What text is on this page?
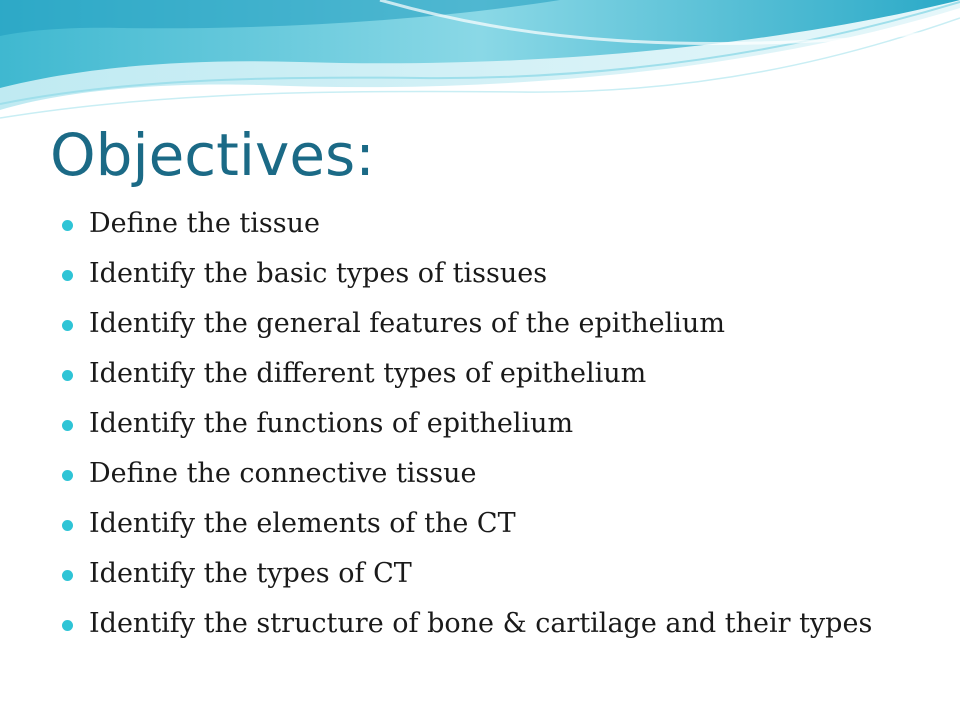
Objectives:
Define the tissue
Identify the basic types of tissues
Identify the general features of the epithelium
Identify the different types of epithelium
Identify the functions of epithelium
Define the connective tissue
Identify the elements of the CT
Identify the types of CT
Identify the structure of bone & cartilage and their types
